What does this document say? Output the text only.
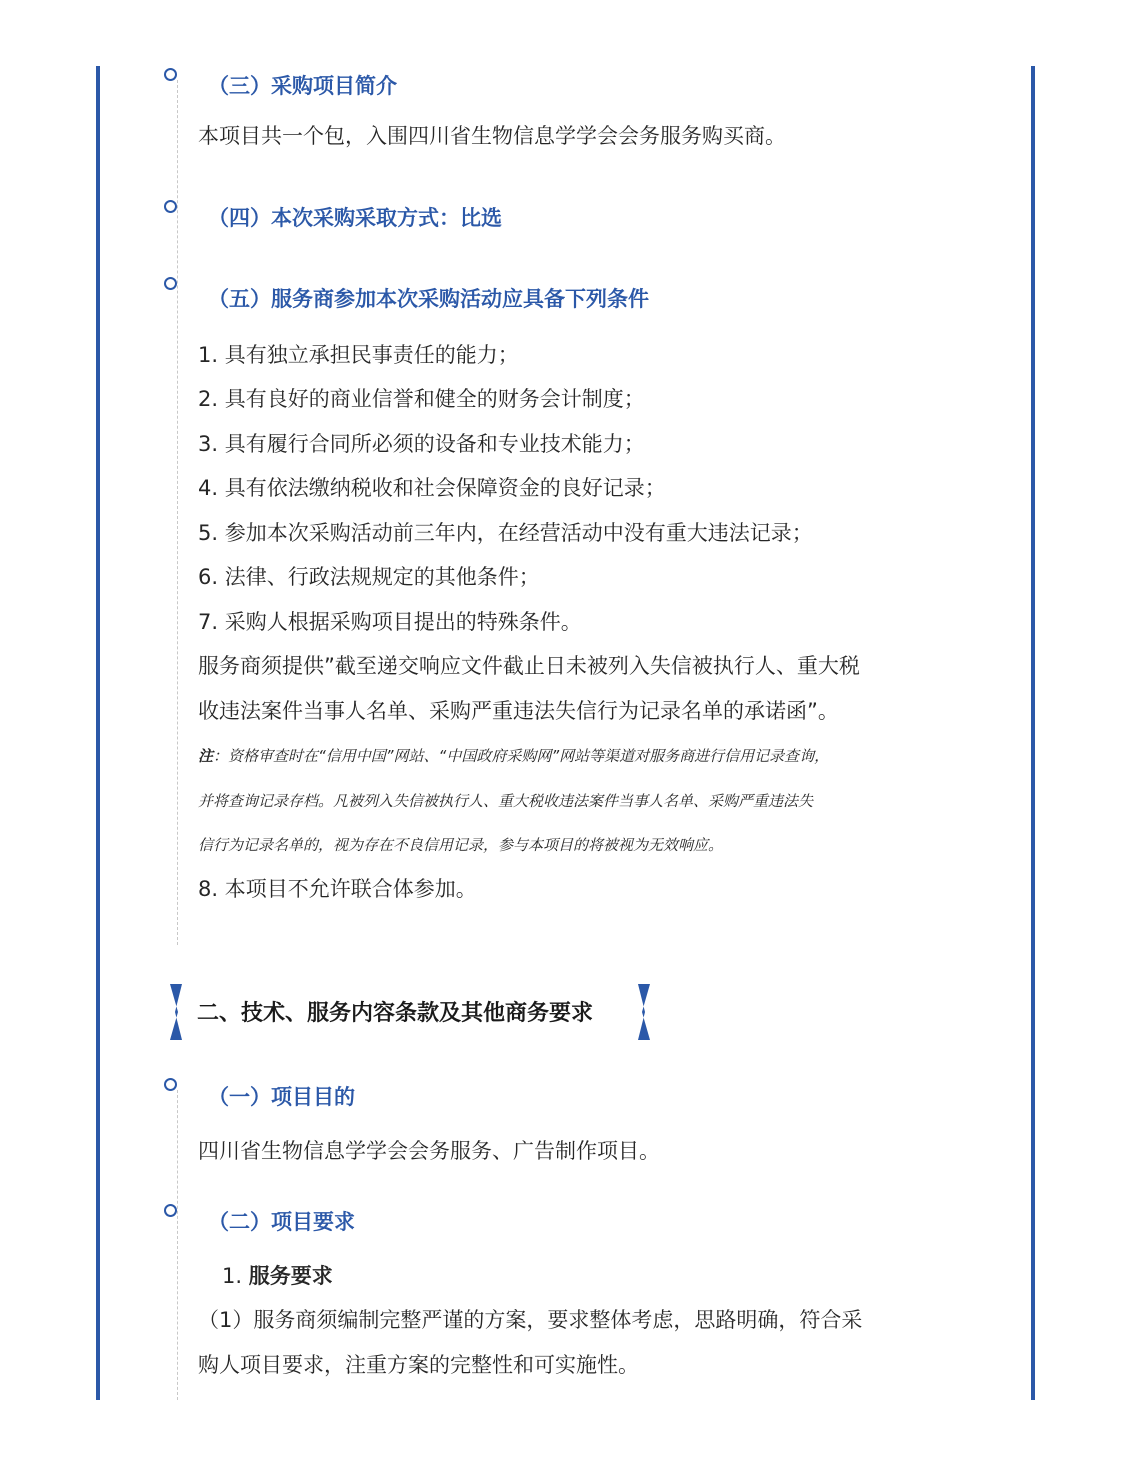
（三）采购项目简介

本项目共一个包，入围四川省生物信息学学会会务服务购买商。

（四）本次采购采取方式：比选

（五）服务商参加本次采购活动应具备下列条件

1. 具有独立承担民事责任的能力；

2. 具有良好的商业信誉和健全的财务会计制度；

3. 具有履行合同所必须的设备和专业技术能力；

4. 具有依法缴纳税收和社会保障资金的良好记录；

5. 参加本次采购活动前三年内，在经营活动中没有重大违法记录；

6. 法律、行政法规规定的其他条件；

7. 采购人根据采购项目提出的特殊条件。

服务商须提供”截至递交响应文件截止日未被列入失信被执行人、重大税

收违法案件当事人名单、采购严重违法失信行为记录名单的承诺函”。

注：资格审查时在“信用中国”网站、“中国政府采购网”网站等渠道对服务商进行信用记录查询，

并将查询记录存档。凡被列入失信被执行人、重大税收违法案件当事人名单、采购严重违法失

信行为记录名单的，视为存在不良信用记录，参与本项目的将被视为无效响应。

8. 本项目不允许联合体参加。

二、技术、服务内容条款及其他商务要求

（一）项目目的

四川省生物信息学学会会务服务、广告制作项目。

（二）项目要求

1. 服务要求

（1）服务商须编制完整严谨的方案，要求整体考虑，思路明确，符合采

购人项目要求，注重方案的完整性和可实施性。
